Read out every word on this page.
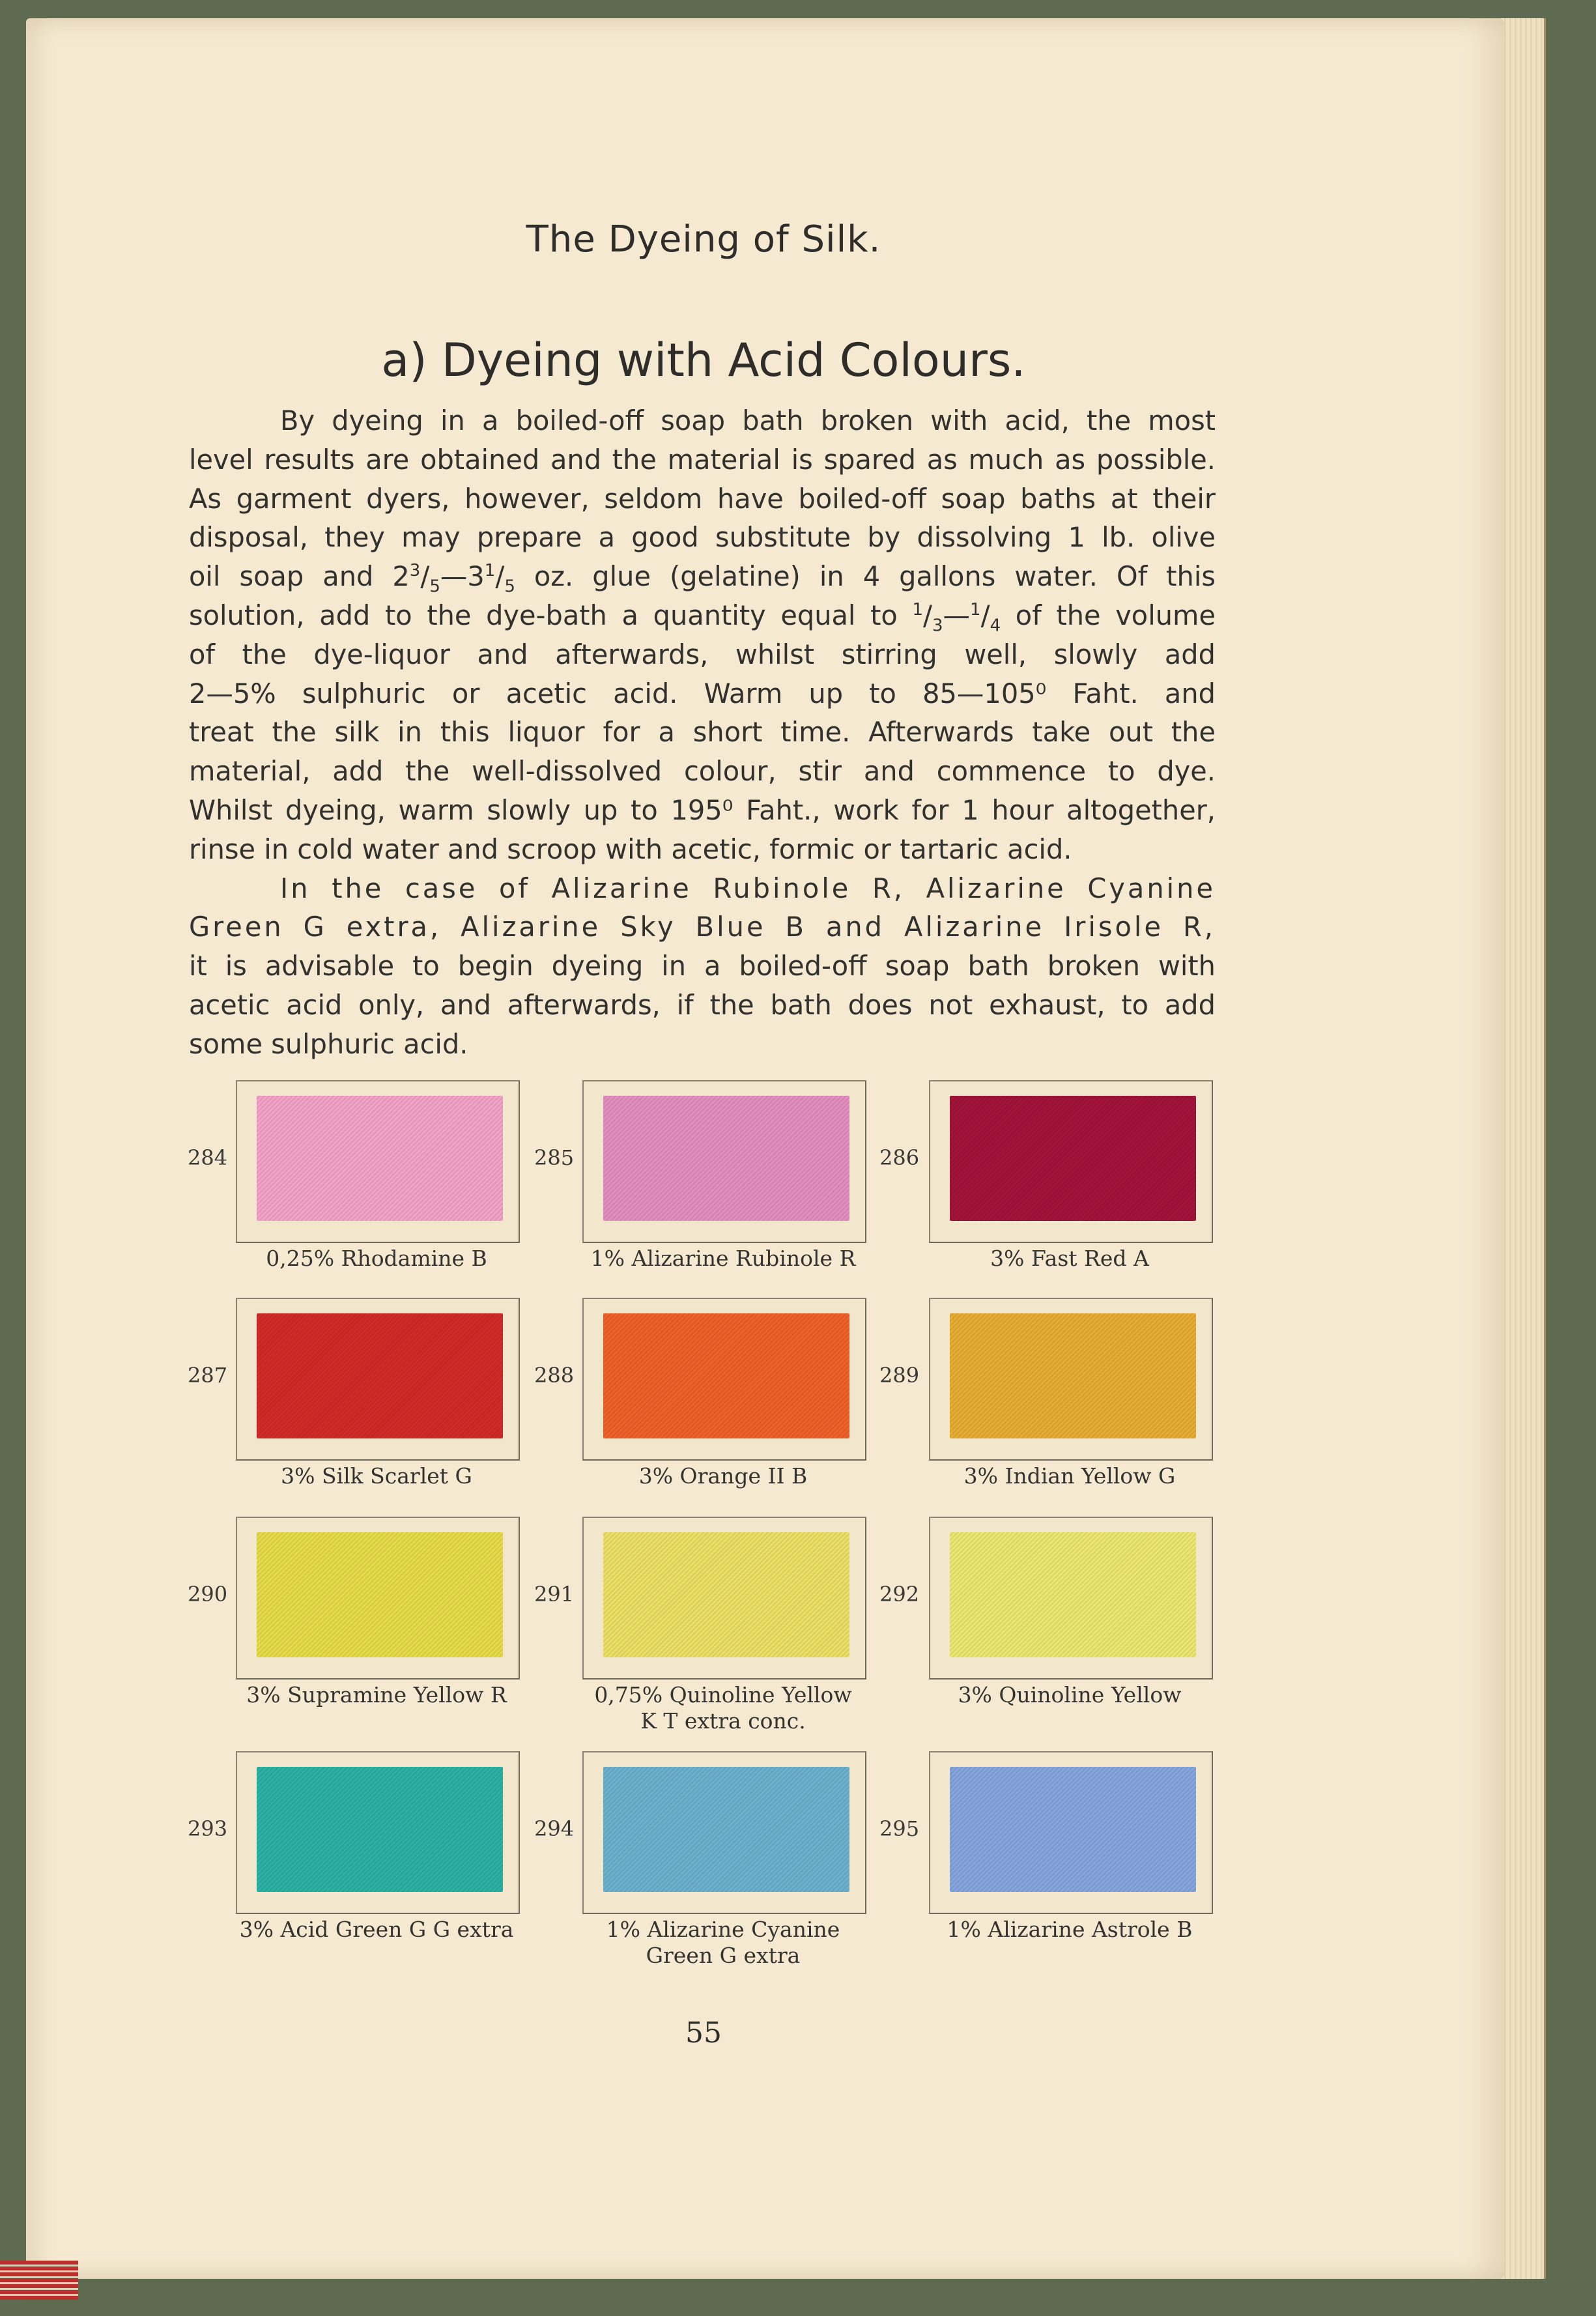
The Dyeing of Silk.
a) Dyeing with Acid Colours.
By dyeing in a boiled-off soap bath broken with acid, the most
level results are obtained and the material is spared as much as possible.
As garment dyers, however, seldom have boiled-off soap baths at their
disposal, they may prepare a good substitute by dissolving 1 lb. olive
oil soap and $2^3/_5—3^1/_5$ oz. glue (gelatine) in 4 gallons water. Of this
solution, add to the dye-bath a quantity equal to $^1/_3—^1/_4$ of the volume
of the dye-liquor and afterwards, whilst stirring well, slowly add
2—5% sulphuric or acetic acid. Warm up to 85—105⁰ Faht. and
treat the silk in this liquor for a short time. Afterwards take out the
material, add the well-dissolved colour, stir and commence to dye.
Whilst dyeing, warm slowly up to 195⁰ Faht., work for 1 hour altogether,
rinse in cold water and scroop with acetic, formic or tartaric acid.
In the case of Alizarine Rubinole R, Alizarine Cyanine
Green G extra, Alizarine Sky Blue B and Alizarine Irisole R,
it is advisable to begin dyeing in a boiled-off soap bath broken with
acetic acid only, and afterwards, if the bath does not exhaust, to add
some sulphuric acid.
284
0,25% Rhodamine B
285
1% Alizarine Rubinole R
286
3% Fast Red A
287
3% Silk Scarlet G
288
3% Orange II B
289
3% Indian Yellow G
290
3% Supramine Yellow R
291
0,75% Quinoline Yellow
K T extra conc.
292
3% Quinoline Yellow
293
3% Acid Green G G extra
294
1% Alizarine Cyanine
Green G extra
295
1% Alizarine Astrole B
55
